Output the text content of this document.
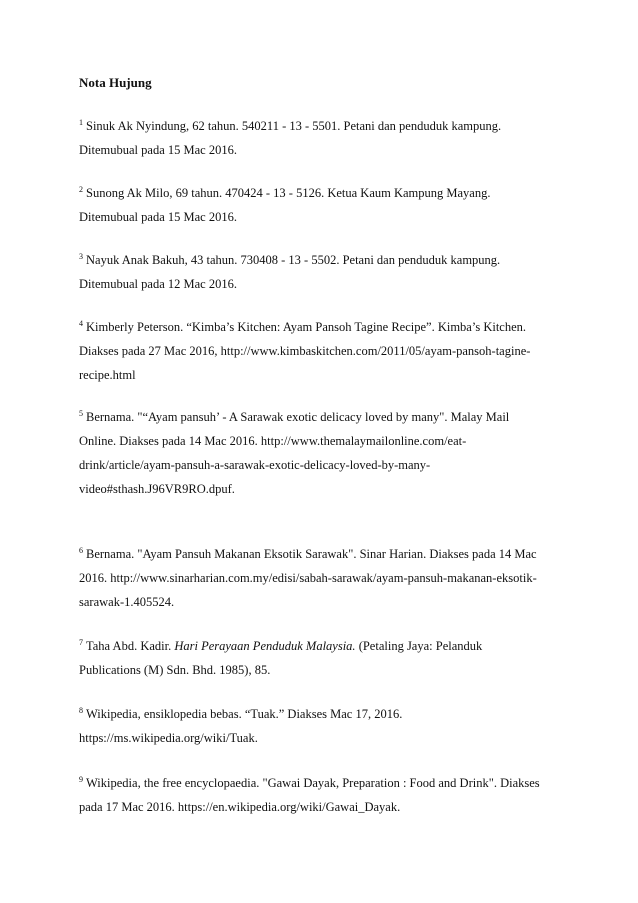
Nota Hujung

$^1$ Sinuk Ak Nyindung, 62 tahun. 540211 - 13 - 5501. Petani dan penduduk kampung.
Ditemubual pada 15 Mac 2016.

$^2$ Sunong Ak Milo, 69 tahun. 470424 - 13 - 5126. Ketua Kaum Kampung Mayang.
Ditemubual pada 15 Mac 2016.

$^3$ Nayuk Anak Bakuh, 43 tahun. 730408 - 13 - 5502. Petani dan penduduk kampung.
Ditemubual pada 12 Mac 2016.

$^4$ Kimberly Peterson. “Kimba’s Kitchen: Ayam Pansoh Tagine Recipe”. Kimba’s Kitchen.
Diakses pada 27 Mac 2016, http://www.kimbaskitchen.com/2011/05/ayam-pansoh-tagine-
recipe.html

$^5$ Bernama. "“Ayam pansuh’ - A Sarawak exotic delicacy loved by many". Malay Mail
Online. Diakses pada 14 Mac 2016. http://www.themalaymailonline.com/eat-
drink/article/ayam-pansuh-a-sarawak-exotic-delicacy-loved-by-many-
video#sthash.J96VR9RO.dpuf.

$^6$ Bernama. "Ayam Pansuh Makanan Eksotik Sarawak". Sinar Harian. Diakses pada 14 Mac
2016. http://www.sinarharian.com.my/edisi/sabah-sarawak/ayam-pansuh-makanan-eksotik-
sarawak-1.405524.

$^7$ Taha Abd. Kadir. Hari Perayaan Penduduk Malaysia. (Petaling Jaya: Pelanduk
Publications (M) Sdn. Bhd. 1985), 85.

$^8$ Wikipedia, ensiklopedia bebas. “Tuak.” Diakses Mac 17, 2016.
https://ms.wikipedia.org/wiki/Tuak.

$^9$ Wikipedia, the free encyclopaedia. "Gawai Dayak, Preparation : Food and Drink". Diakses
pada 17 Mac 2016. https://en.wikipedia.org/wiki/Gawai_Dayak.
